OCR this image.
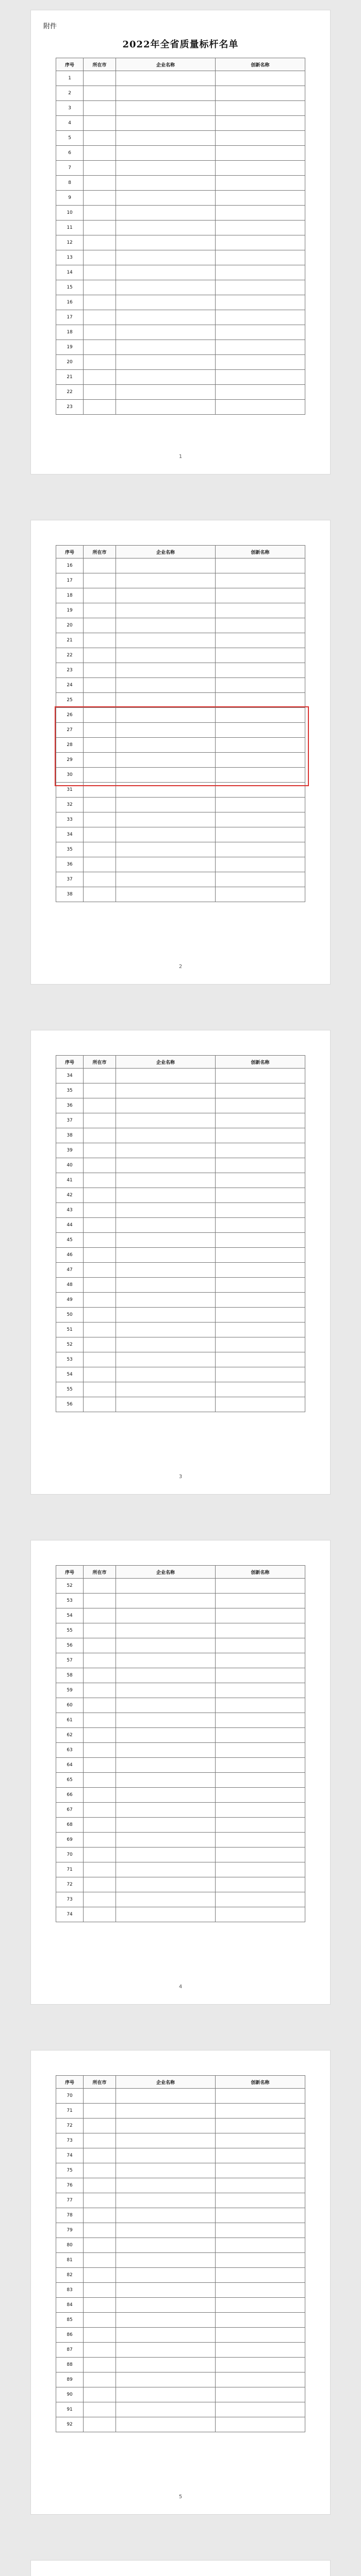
附件
2022年全省质量标杆名单
序号	所在市	企业名称	创新名称
1			
2			
3			
4			
5			
6			
7			
8			
9			
10			
11			
12			
13			
14			
15			
16			
17			
18			
19			
20			
21			
22			
23			
1
序号	所在市	企业名称	创新名称
16			
17			
18			
19			
20			
21			
22			
23			
24			
25			
26			
27			
28			
29			
30			
31			
32			
33			
34			
35			
36			
37			
38			
2
序号	所在市	企业名称	创新名称
34			
35			
36			
37			
38			
39			
40			
41			
42			
43			
44			
45			
46			
47			
48			
49			
50			
51			
52			
53			
54			
55			
56			
3
序号	所在市	企业名称	创新名称
52			
53			
54			
55			
56			
57			
58			
59			
60			
61			
62			
63			
64			
65			
66			
67			
68			
69			
70			
71			
72			
73			
74			
4
序号	所在市	企业名称	创新名称
70			
71			
72			
73			
74			
75			
76			
77			
78			
79			
80			
81			
82			
83			
84			
85			
86			
87			
88			
89			
90			
91			
92			
5
